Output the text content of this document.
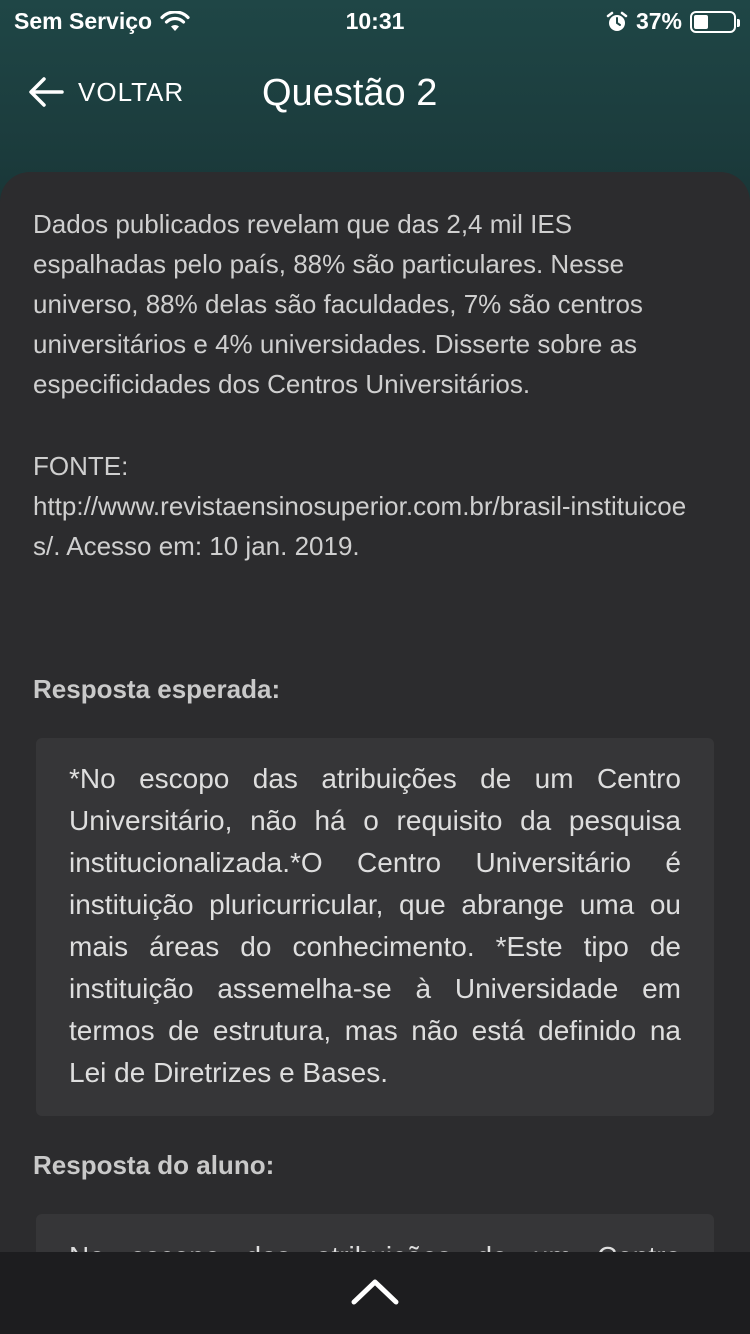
Sem Serviço	10:31	37%
VOLTAR Questão 2
Dados publicados revelam que das 2,4 mil IES espalhadas pelo país, 88% são particulares. Nesse universo, 88% delas são faculdades, 7% são centros universitários e 4% universidades. Disserte sobre as especificidades dos Centros Universitários.
FONTE:
http://www.revistaensinosuperior.com.br/brasil-instituicoes/. Acesso em: 10 jan. 2019.
Resposta esperada:
*No escopo das atribuições de um Centro Universitário, não há o requisito da pesquisa institucionalizada.*O Centro Universitário é instituição pluricurricular, que abrange uma ou mais áreas do conhecimento. *Este tipo de instituição assemelha-se à Universidade em termos de estrutura, mas não está definido na Lei de Diretrizes e Bases.
Resposta do aluno:
